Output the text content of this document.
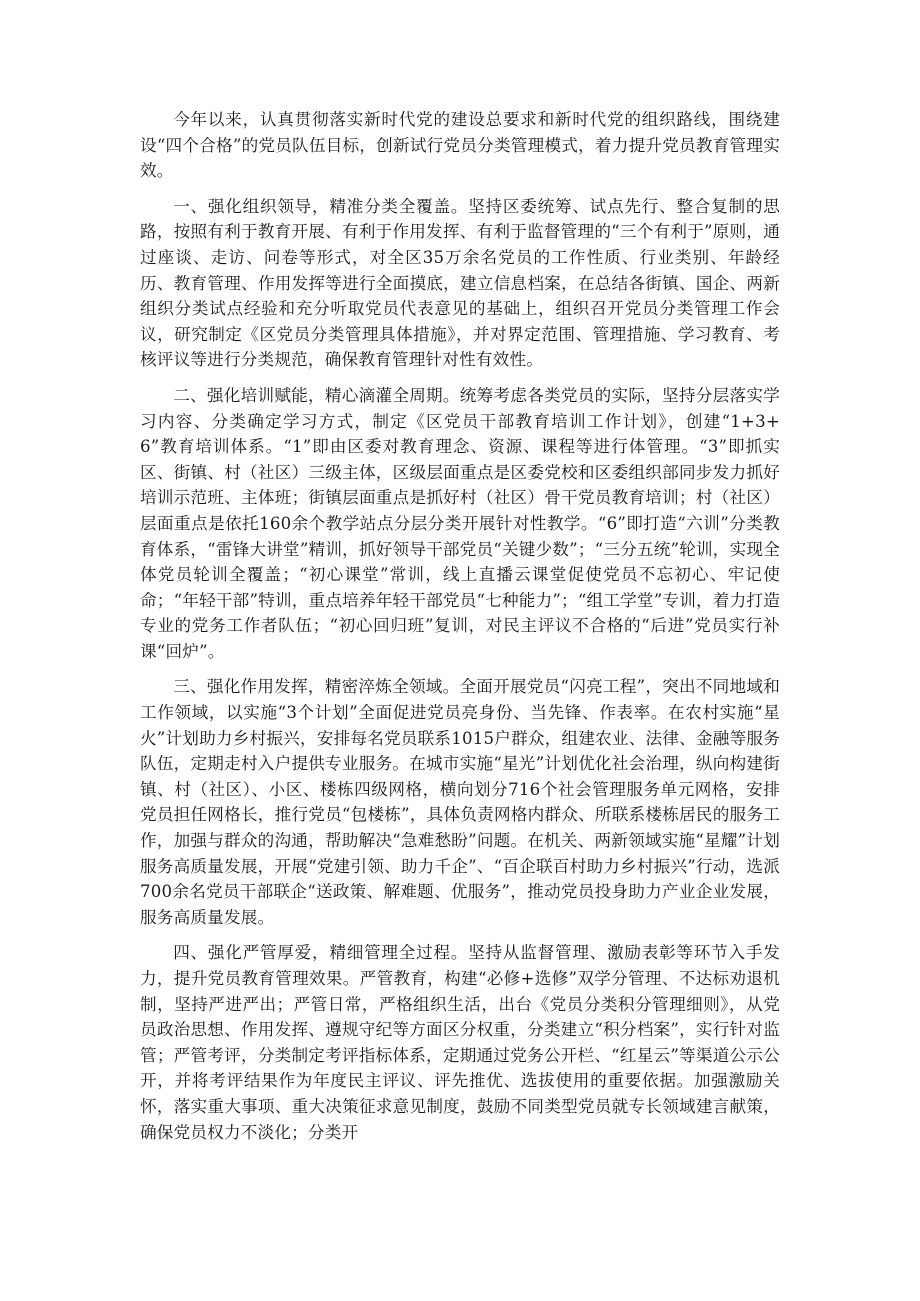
今年以来，认真贯彻落实新时代党的建设总要求和新时代党的组织路线，围绕建设“四个合格”的党员队伍目标，创新试行党员分类管理模式，着力提升党员教育管理实效。

一、强化组织领导，精准分类全覆盖。坚持区委统筹、试点先行、整合复制的思路，按照有利于教育开展、有利于作用发挥、有利于监督管理的“三个有利于”原则，通过座谈、走访、问卷等形式，对全区35万余名党员的工作性质、行业类别、年龄经历、教育管理、作用发挥等进行全面摸底，建立信息档案，在总结各街镇、国企、两新组织分类试点经验和充分听取党员代表意见的基础上，组织召开党员分类管理工作会议，研究制定《区党员分类管理具体措施》，并对界定范围、管理措施、学习教育、考核评议等进行分类规范，确保教育管理针对性有效性。

二、强化培训赋能，精心滴灌全周期。统筹考虑各类党员的实际，坚持分层落实学习内容、分类确定学习方式，制定《区党员干部教育培训工作计划》，创建“1+3+6”教育培训体系。“1”即由区委对教育理念、资源、课程等进行体管理。“3”即抓实区、街镇、村（社区）三级主体，区级层面重点是区委党校和区委组织部同步发力抓好培训示范班、主体班；街镇层面重点是抓好村（社区）骨干党员教育培训；村（社区）层面重点是依托160余个教学站点分层分类开展针对性教学。“6”即打造“六训”分类教育体系，“雷锋大讲堂”精训，抓好领导干部党员“关键少数”；“三分五统”轮训，实现全体党员轮训全覆盖；“初心课堂”常训，线上直播云课堂促使党员不忘初心、牢记使命；“年轻干部”特训，重点培养年轻干部党员“七种能力”；“组工学堂”专训，着力打造专业的党务工作者队伍；“初心回归班”复训，对民主评议不合格的“后进”党员实行补课“回炉”。

三、强化作用发挥，精密淬炼全领域。全面开展党员“闪亮工程”，突出不同地域和工作领域，以实施“3个计划”全面促进党员亮身份、当先锋、作表率。在农村实施“星火”计划助力乡村振兴，安排每名党员联系1015户群众，组建农业、法律、金融等服务队伍，定期走村入户提供专业服务。在城市实施“星光”计划优化社会治理，纵向构建街镇、村（社区）、小区、楼栋四级网格，横向划分716个社会管理服务单元网格，安排党员担任网格长，推行党员“包楼栋”，具体负责网格内群众、所联系楼栋居民的服务工作，加强与群众的沟通，帮助解决“急难愁盼”问题。在机关、两新领域实施“星耀”计划服务高质量发展，开展“党建引领、助力千企”、“百企联百村助力乡村振兴”行动，选派700余名党员干部联企“送政策、解难题、优服务”，推动党员投身助力产业企业发展，服务高质量发展。

四、强化严管厚爱，精细管理全过程。坚持从监督管理、激励表彰等环节入手发力，提升党员教育管理效果。严管教育，构建“必修+选修”双学分管理、不达标劝退机制，坚持严进严出；严管日常，严格组织生活，出台《党员分类积分管理细则》，从党员政治思想、作用发挥、遵规守纪等方面区分权重，分类建立“积分档案”，实行针对监管；严管考评，分类制定考评指标体系，定期通过党务公开栏、“红星云”等渠道公示公开，并将考评结果作为年度民主评议、评先推优、选拔使用的重要依据。加强激励关怀，落实重大事项、重大决策征求意见制度，鼓励不同类型党员就专长领域建言献策，确保党员权力不淡化；分类开
